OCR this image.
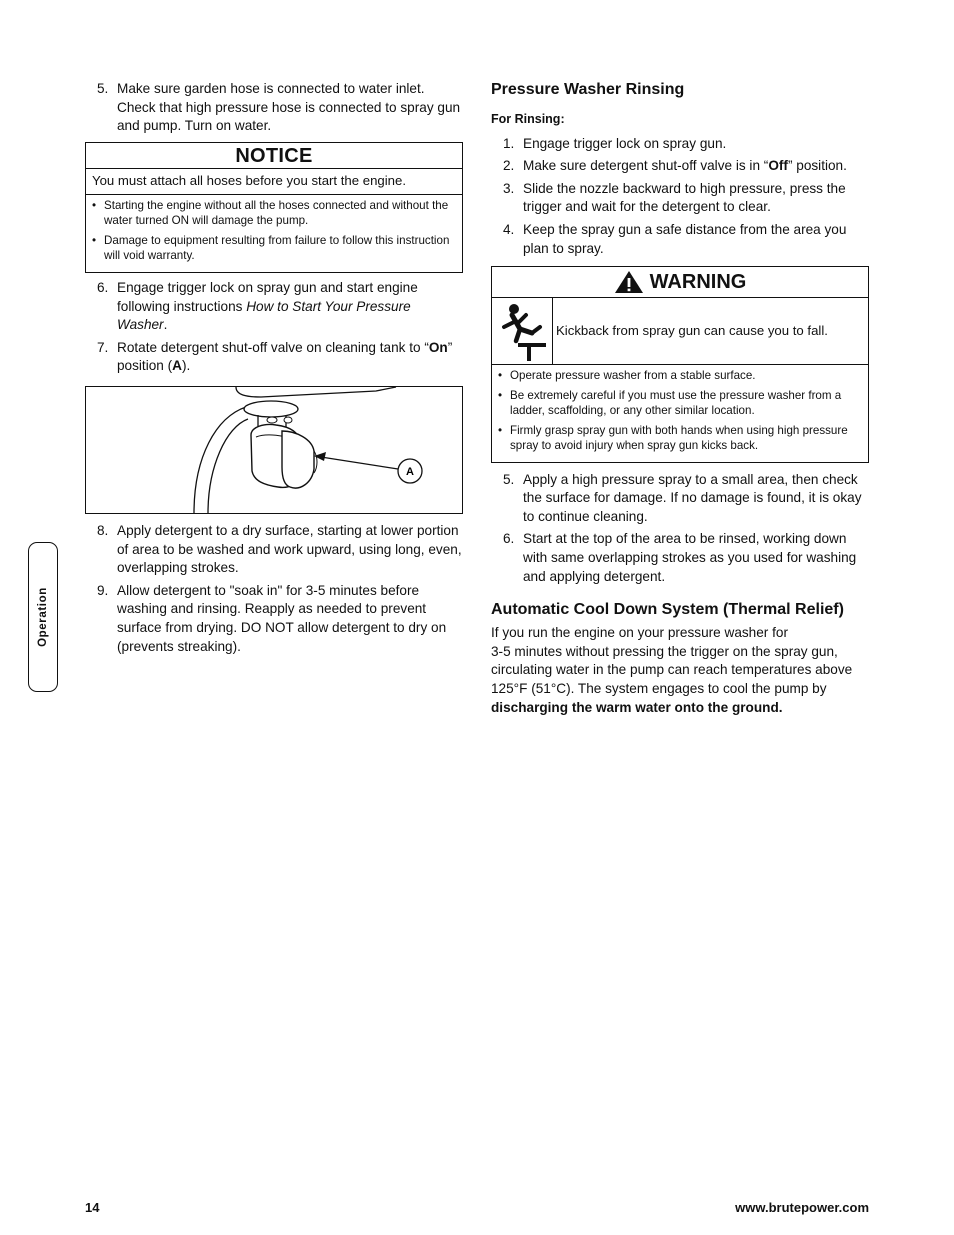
Operation
5. Make sure garden hose is connected to water inlet. Check that high pressure hose is connected to spray gun and pump. Turn on water.
NOTICE
You must attach all hoses before you start the engine.
• Starting the engine without all the hoses connected and without the water turned ON will damage the pump.
• Damage to equipment resulting from failure to follow this instruction will void warranty.
6. Engage trigger lock on spray gun and start engine following instructions How to Start Your Pressure Washer.
7. Rotate detergent shut-off valve on cleaning tank to “On” position (A).
A
8. Apply detergent to a dry surface, starting at lower portion of area to be washed and work upward, using long, even, overlapping strokes.
9. Allow detergent to "soak in" for 3-5 minutes before washing and rinsing. Reapply as needed to prevent surface from drying. DO NOT allow detergent to dry on (prevents streaking).
Pressure Washer Rinsing
For Rinsing:
1. Engage trigger lock on spray gun.
2. Make sure detergent shut-off valve is in “Off” position.
3. Slide the nozzle backward to high pressure, press the trigger and wait for the detergent to clear.
4. Keep the spray gun a safe distance from the area you plan to spray.
WARNING
Kickback from spray gun can cause you to fall.
• Operate pressure washer from a stable surface.
• Be extremely careful if you must use the pressure washer from a ladder, scaffolding, or any other similar location.
• Firmly grasp spray gun with both hands when using high pressure spray to avoid injury when spray gun kicks back.
5. Apply a high pressure spray to a small area, then check the surface for damage. If no damage is found, it is okay to continue cleaning.
6. Start at the top of the area to be rinsed, working down with same overlapping strokes as you used for washing and applying detergent.
Automatic Cool Down System (Thermal Relief)

If you run the engine on your pressure washer for
3-5 minutes without pressing the trigger on the spray gun, circulating water in the pump can reach temperatures above 125°F (51°C). The system engages to cool the pump by discharging the warm water onto the ground.

14	www.brutepower.com
